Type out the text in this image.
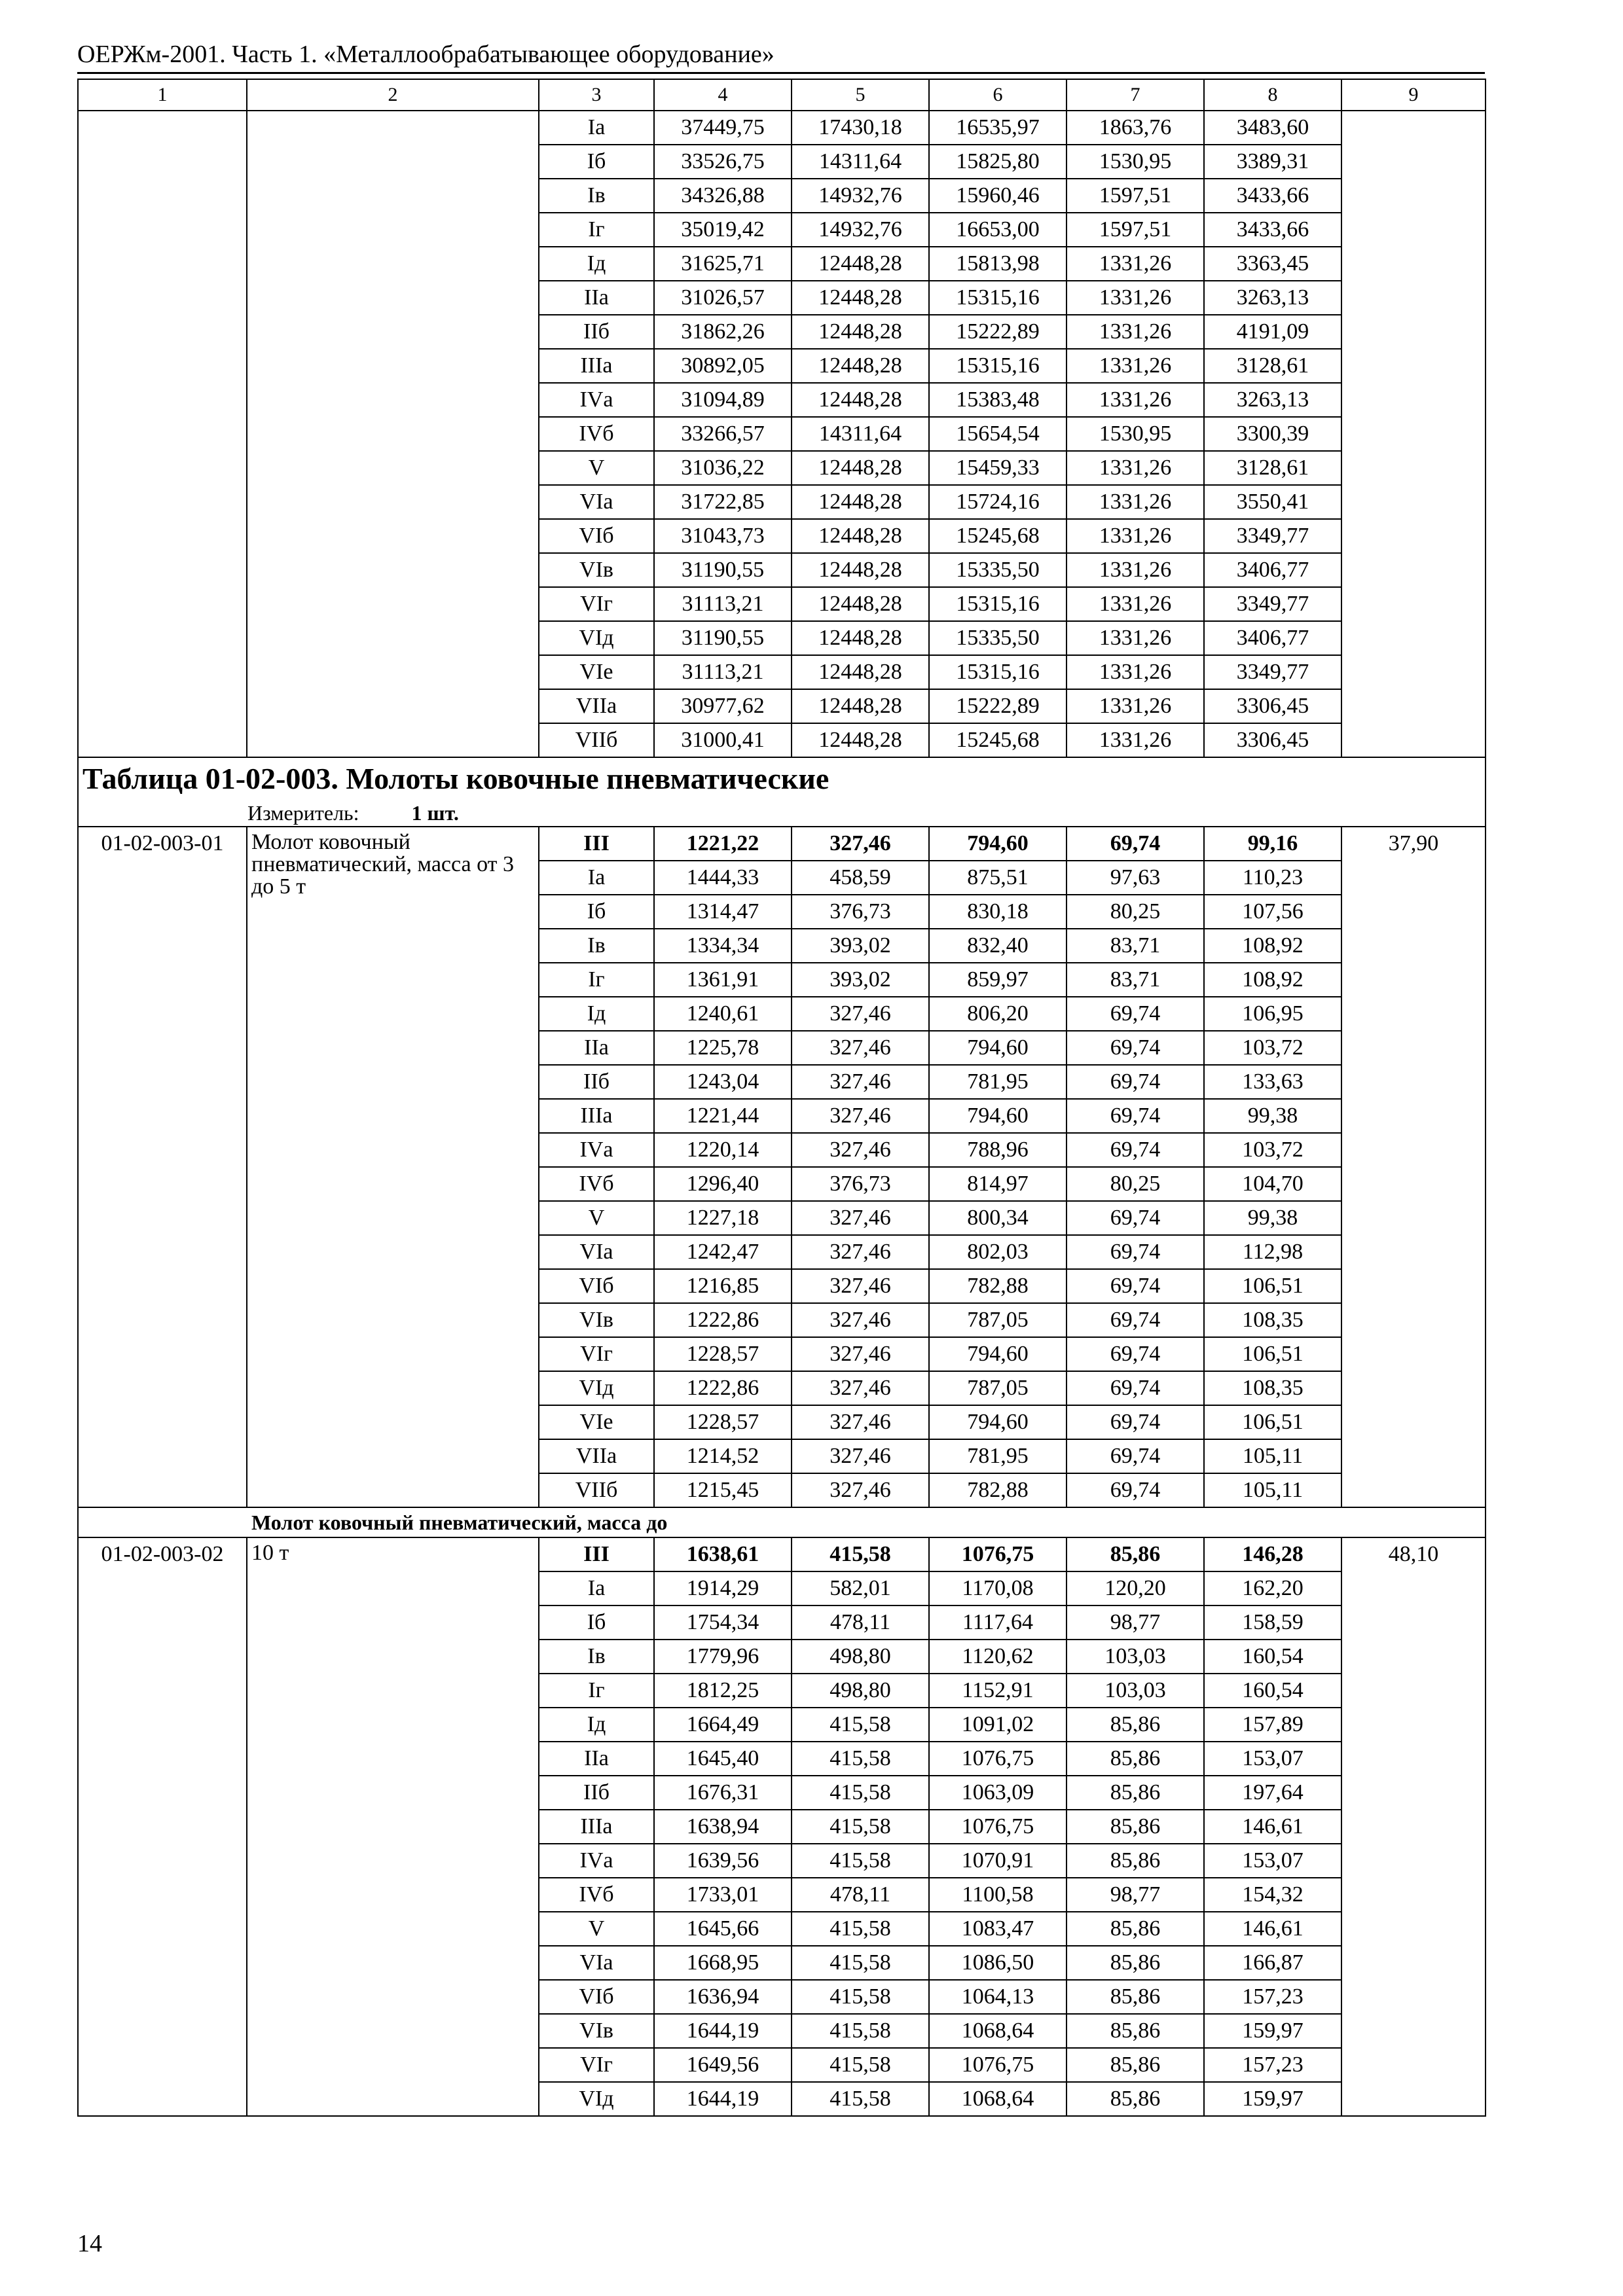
ОЕРЖм-2001. Часть 1. «Металлообрабатывающее оборудование»
1	2	3	4	5	6	7	8	9
		Iа	37449,75	17430,18	16535,97	1863,76	3483,60	
		Iб	33526,75	14311,64	15825,80	1530,95	3389,31	
		Iв	34326,88	14932,76	15960,46	1597,51	3433,66	
		Iг	35019,42	14932,76	16653,00	1597,51	3433,66	
		Iд	31625,71	12448,28	15813,98	1331,26	3363,45	
		IIа	31026,57	12448,28	15315,16	1331,26	3263,13	
		IIб	31862,26	12448,28	15222,89	1331,26	4191,09	
		IIIа	30892,05	12448,28	15315,16	1331,26	3128,61	
		IVа	31094,89	12448,28	15383,48	1331,26	3263,13	
		IVб	33266,57	14311,64	15654,54	1530,95	3300,39	
		V	31036,22	12448,28	15459,33	1331,26	3128,61	
		VIа	31722,85	12448,28	15724,16	1331,26	3550,41	
		VIб	31043,73	12448,28	15245,68	1331,26	3349,77	
		VIв	31190,55	12448,28	15335,50	1331,26	3406,77	
		VIг	31113,21	12448,28	15315,16	1331,26	3349,77	
		VIд	31190,55	12448,28	15335,50	1331,26	3406,77	
		VIе	31113,21	12448,28	15315,16	1331,26	3349,77	
		VIIа	30977,62	12448,28	15222,89	1331,26	3306,45	
		VIIб	31000,41	12448,28	15245,68	1331,26	3306,45	
Таблица 01-02-003. Молоты ковочные пневматические								
Измеритель: 1 шт.								
01-02-003-01	Молот ковочный пневматический, масса от 3 до 5 т	III	1221,22	327,46	794,60	69,74	99,16	37,90
		Iа	1444,33	458,59	875,51	97,63	110,23	
		Iб	1314,47	376,73	830,18	80,25	107,56	
		Iв	1334,34	393,02	832,40	83,71	108,92	
		Iг	1361,91	393,02	859,97	83,71	108,92	
		Iд	1240,61	327,46	806,20	69,74	106,95	
		IIа	1225,78	327,46	794,60	69,74	103,72	
		IIб	1243,04	327,46	781,95	69,74	133,63	
		IIIа	1221,44	327,46	794,60	69,74	99,38	
		IVа	1220,14	327,46	788,96	69,74	103,72	
		IVб	1296,40	376,73	814,97	80,25	104,70	
		V	1227,18	327,46	800,34	69,74	99,38	
		VIа	1242,47	327,46	802,03	69,74	112,98	
		VIб	1216,85	327,46	782,88	69,74	106,51	
		VIв	1222,86	327,46	787,05	69,74	108,35	
		VIг	1228,57	327,46	794,60	69,74	106,51	
		VIд	1222,86	327,46	787,05	69,74	108,35	
		VIе	1228,57	327,46	794,60	69,74	106,51	
		VIIа	1214,52	327,46	781,95	69,74	105,11	
		VIIб	1215,45	327,46	782,88	69,74	105,11	
Молот ковочный пневматический, масса до								
01-02-003-02	10 т	III	1638,61	415,58	1076,75	85,86	146,28	48,10
		Iа	1914,29	582,01	1170,08	120,20	162,20	
		Iб	1754,34	478,11	1117,64	98,77	158,59	
		Iв	1779,96	498,80	1120,62	103,03	160,54	
		Iг	1812,25	498,80	1152,91	103,03	160,54	
		Iд	1664,49	415,58	1091,02	85,86	157,89	
		IIа	1645,40	415,58	1076,75	85,86	153,07	
		IIб	1676,31	415,58	1063,09	85,86	197,64	
		IIIа	1638,94	415,58	1076,75	85,86	146,61	
		IVа	1639,56	415,58	1070,91	85,86	153,07	
		IVб	1733,01	478,11	1100,58	98,77	154,32	
		V	1645,66	415,58	1083,47	85,86	146,61	
		VIа	1668,95	415,58	1086,50	85,86	166,87	
		VIб	1636,94	415,58	1064,13	85,86	157,23	
		VIв	1644,19	415,58	1068,64	85,86	159,97	
		VIг	1649,56	415,58	1076,75	85,86	157,23	
		VIд	1644,19	415,58	1068,64	85,86	159,97	
14
